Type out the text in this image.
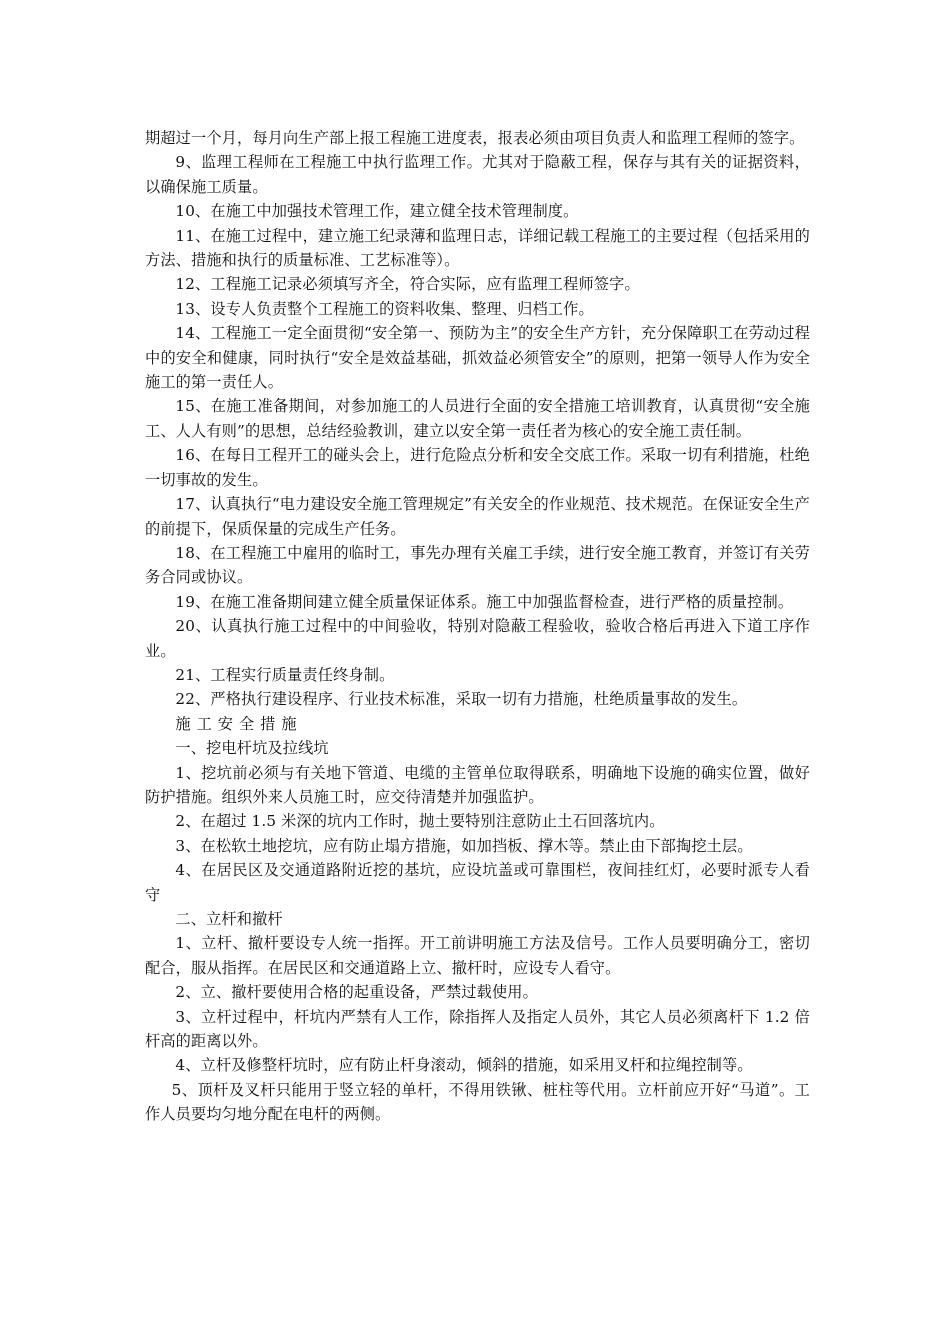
期超过一个月，每月向生产部上报工程施工进度表，报表必须由项目负责人和监理工程师的签字。

9、监理工程师在工程施工中执行监理工作。尤其对于隐蔽工程，保存与其有关的证据资料，以确保施工质量。

10、在施工中加强技术管理工作，建立健全技术管理制度。

11、在施工过程中，建立施工纪录薄和监理日志，详细记载工程施工的主要过程（包括采用的方法、措施和执行的质量标准、工艺标准等）。

12、工程施工记录必须填写齐全，符合实际，应有监理工程师签字。

13、设专人负责整个工程施工的资料收集、整理、归档工作。

14、工程施工一定全面贯彻“安全第一、预防为主”的安全生产方针，充分保障职工在劳动过程中的安全和健康，同时执行“安全是效益基础，抓效益必须管安全”的原则，把第一领导人作为安全施工的第一责任人。

15、在施工准备期间，对参加施工的人员进行全面的安全措施工培训教育，认真贯彻“安全施工、人人有则”的思想，总结经验教训，建立以安全第一责任者为核心的安全施工责任制。

16、在每日工程开工的碰头会上，进行危险点分析和安全交底工作。采取一切有利措施，杜绝一切事故的发生。

17、认真执行“电力建设安全施工管理规定”有关安全的作业规范、技术规范。在保证安全生产的前提下，保质保量的完成生产任务。

18、在工程施工中雇用的临时工，事先办理有关雇工手续，进行安全施工教育，并签订有关劳务合同或协议。

19、在施工准备期间建立健全质量保证体系。施工中加强监督检查，进行严格的质量控制。

20、认真执行施工过程中的中间验收，特别对隐蔽工程验收，验收合格后再进入下道工序作业。

21、工程实行质量责任终身制。

22、严格执行建设程序、行业技术标准，采取一切有力措施，杜绝质量事故的发生。

施工安全措施

一、挖电杆坑及拉线坑

1、挖坑前必须与有关地下管道、电缆的主管单位取得联系，明确地下设施的确实位置，做好防护措施。组织外来人员施工时，应交待清楚并加强监护。

2、在超过 1.5 米深的坑内工作时，抛土要特别注意防止土石回落坑内。

3、在松软土地挖坑，应有防止塌方措施，如加挡板、撑木等。禁止由下部掏挖土层。

4、在居民区及交通道路附近挖的基坑，应设坑盖或可靠围栏，夜间挂红灯，必要时派专人看守

二、立杆和撤杆

1、立杆、撤杆要设专人统一指挥。开工前讲明施工方法及信号。工作人员要明确分工，密切配合，服从指挥。在居民区和交通道路上立、撤杆时，应设专人看守。

2、立、撤杆要使用合格的起重设备，严禁过载使用。

3、立杆过程中，杆坑内严禁有人工作，除指挥人及指定人员外，其它人员必须离杆下 1.2 倍杆高的距离以外。

4、立杆及修整杆坑时，应有防止杆身滚动，倾斜的措施，如采用叉杆和拉绳控制等。

5、顶杆及叉杆只能用于竖立轻的单杆，不得用铁锹、桩柱等代用。立杆前应开好“马道”。工作人员要均匀地分配在电杆的两侧。
